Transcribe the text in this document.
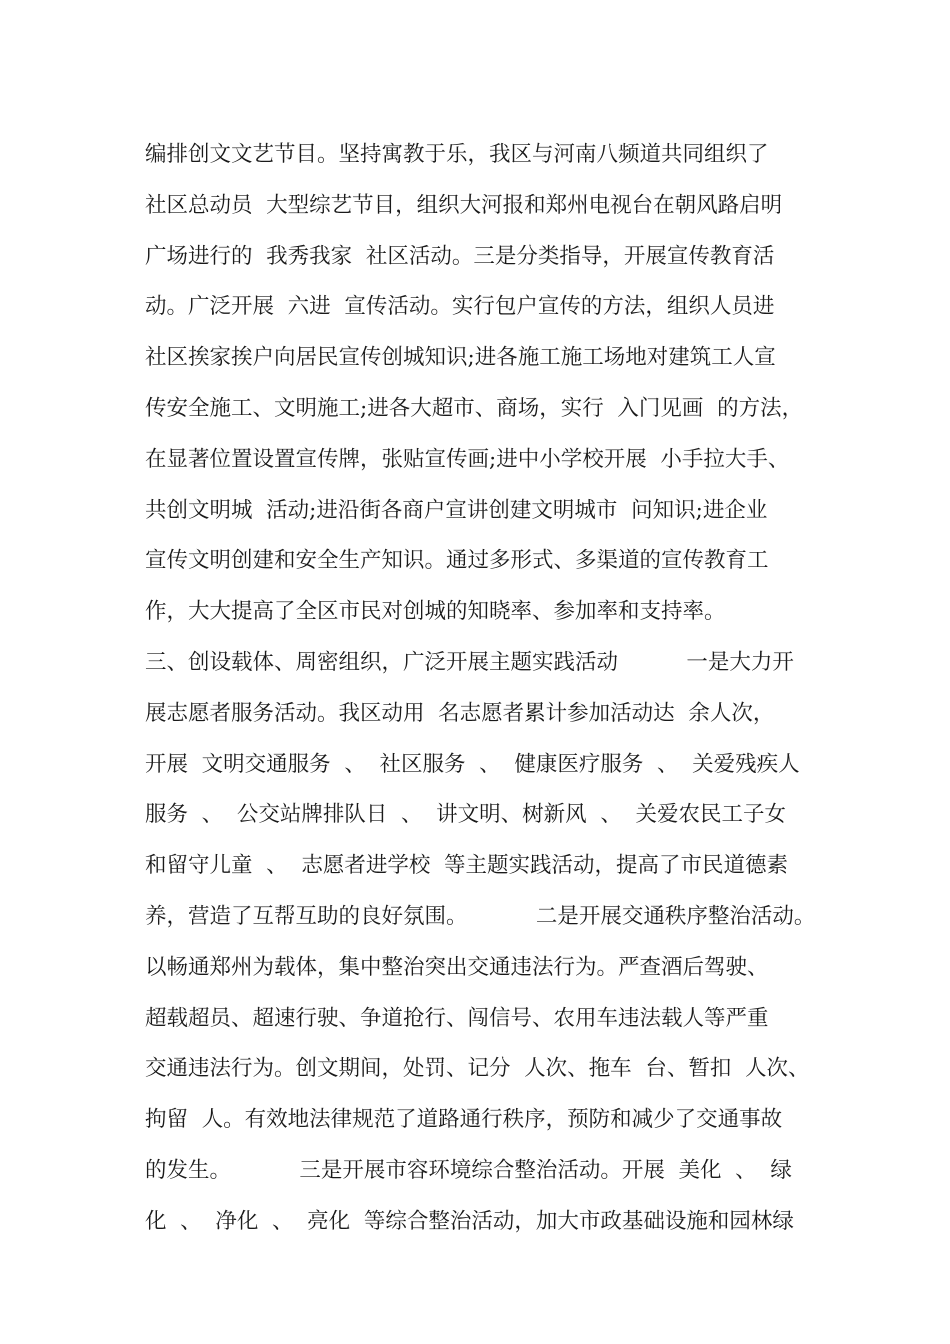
编排创文文艺节目。坚持寓教于乐，我区与河南八频道共同组织了
社区总动员  大型综艺节目，组织大河报和郑州电视台在朝风路启明
广场进行的  我秀我家  社区活动。三是分类指导，开展宣传教育活
动。广泛开展  六进  宣传活动。实行包户宣传的方法，组织人员进
社区挨家挨户向居民宣传创城知识;进各施工施工场地对建筑工人宣
传安全施工、文明施工;进各大超市、商场，实行  入门见画  的方法，
在显著位置设置宣传牌，张贴宣传画;进中小学校开展  小手拉大手、
共创文明城  活动;进沿街各商户宣讲创建文明城市  问知识;进企业
宣传文明创建和安全生产知识。通过多形式、多渠道的宣传教育工
作，大大提高了全区市民对创城的知晓率、参加率和支持率。
三、创设载体、周密组织，广泛开展主题实践活动          一是大力开
展志愿者服务活动。我区动用  名志愿者累计参加活动达  余人次，
开展  文明交通服务  、  社区服务  、  健康医疗服务  、  关爱残疾人
服务  、  公交站牌排队日  、  讲文明、树新风  、  关爱农民工子女
和留守儿童  、  志愿者进学校  等主题实践活动，提高了市民道德素
养，营造了互帮互助的良好氛围。          二是开展交通秩序整治活动。
以畅通郑州为载体，集中整治突出交通违法行为。严查酒后驾驶、
超载超员、超速行驶、争道抢行、闯信号、农用车违法载人等严重
交通违法行为。创文期间，处罚、记分  人次、拖车  台、暂扣  人次、
拘留  人。有效地法律规范了道路通行秩序，预防和减少了交通事故
的发生。          三是开展市容环境综合整治活动。开展  美化  、  绿
化  、  净化  、  亮化  等综合整治活动，加大市政基础设施和园林绿
